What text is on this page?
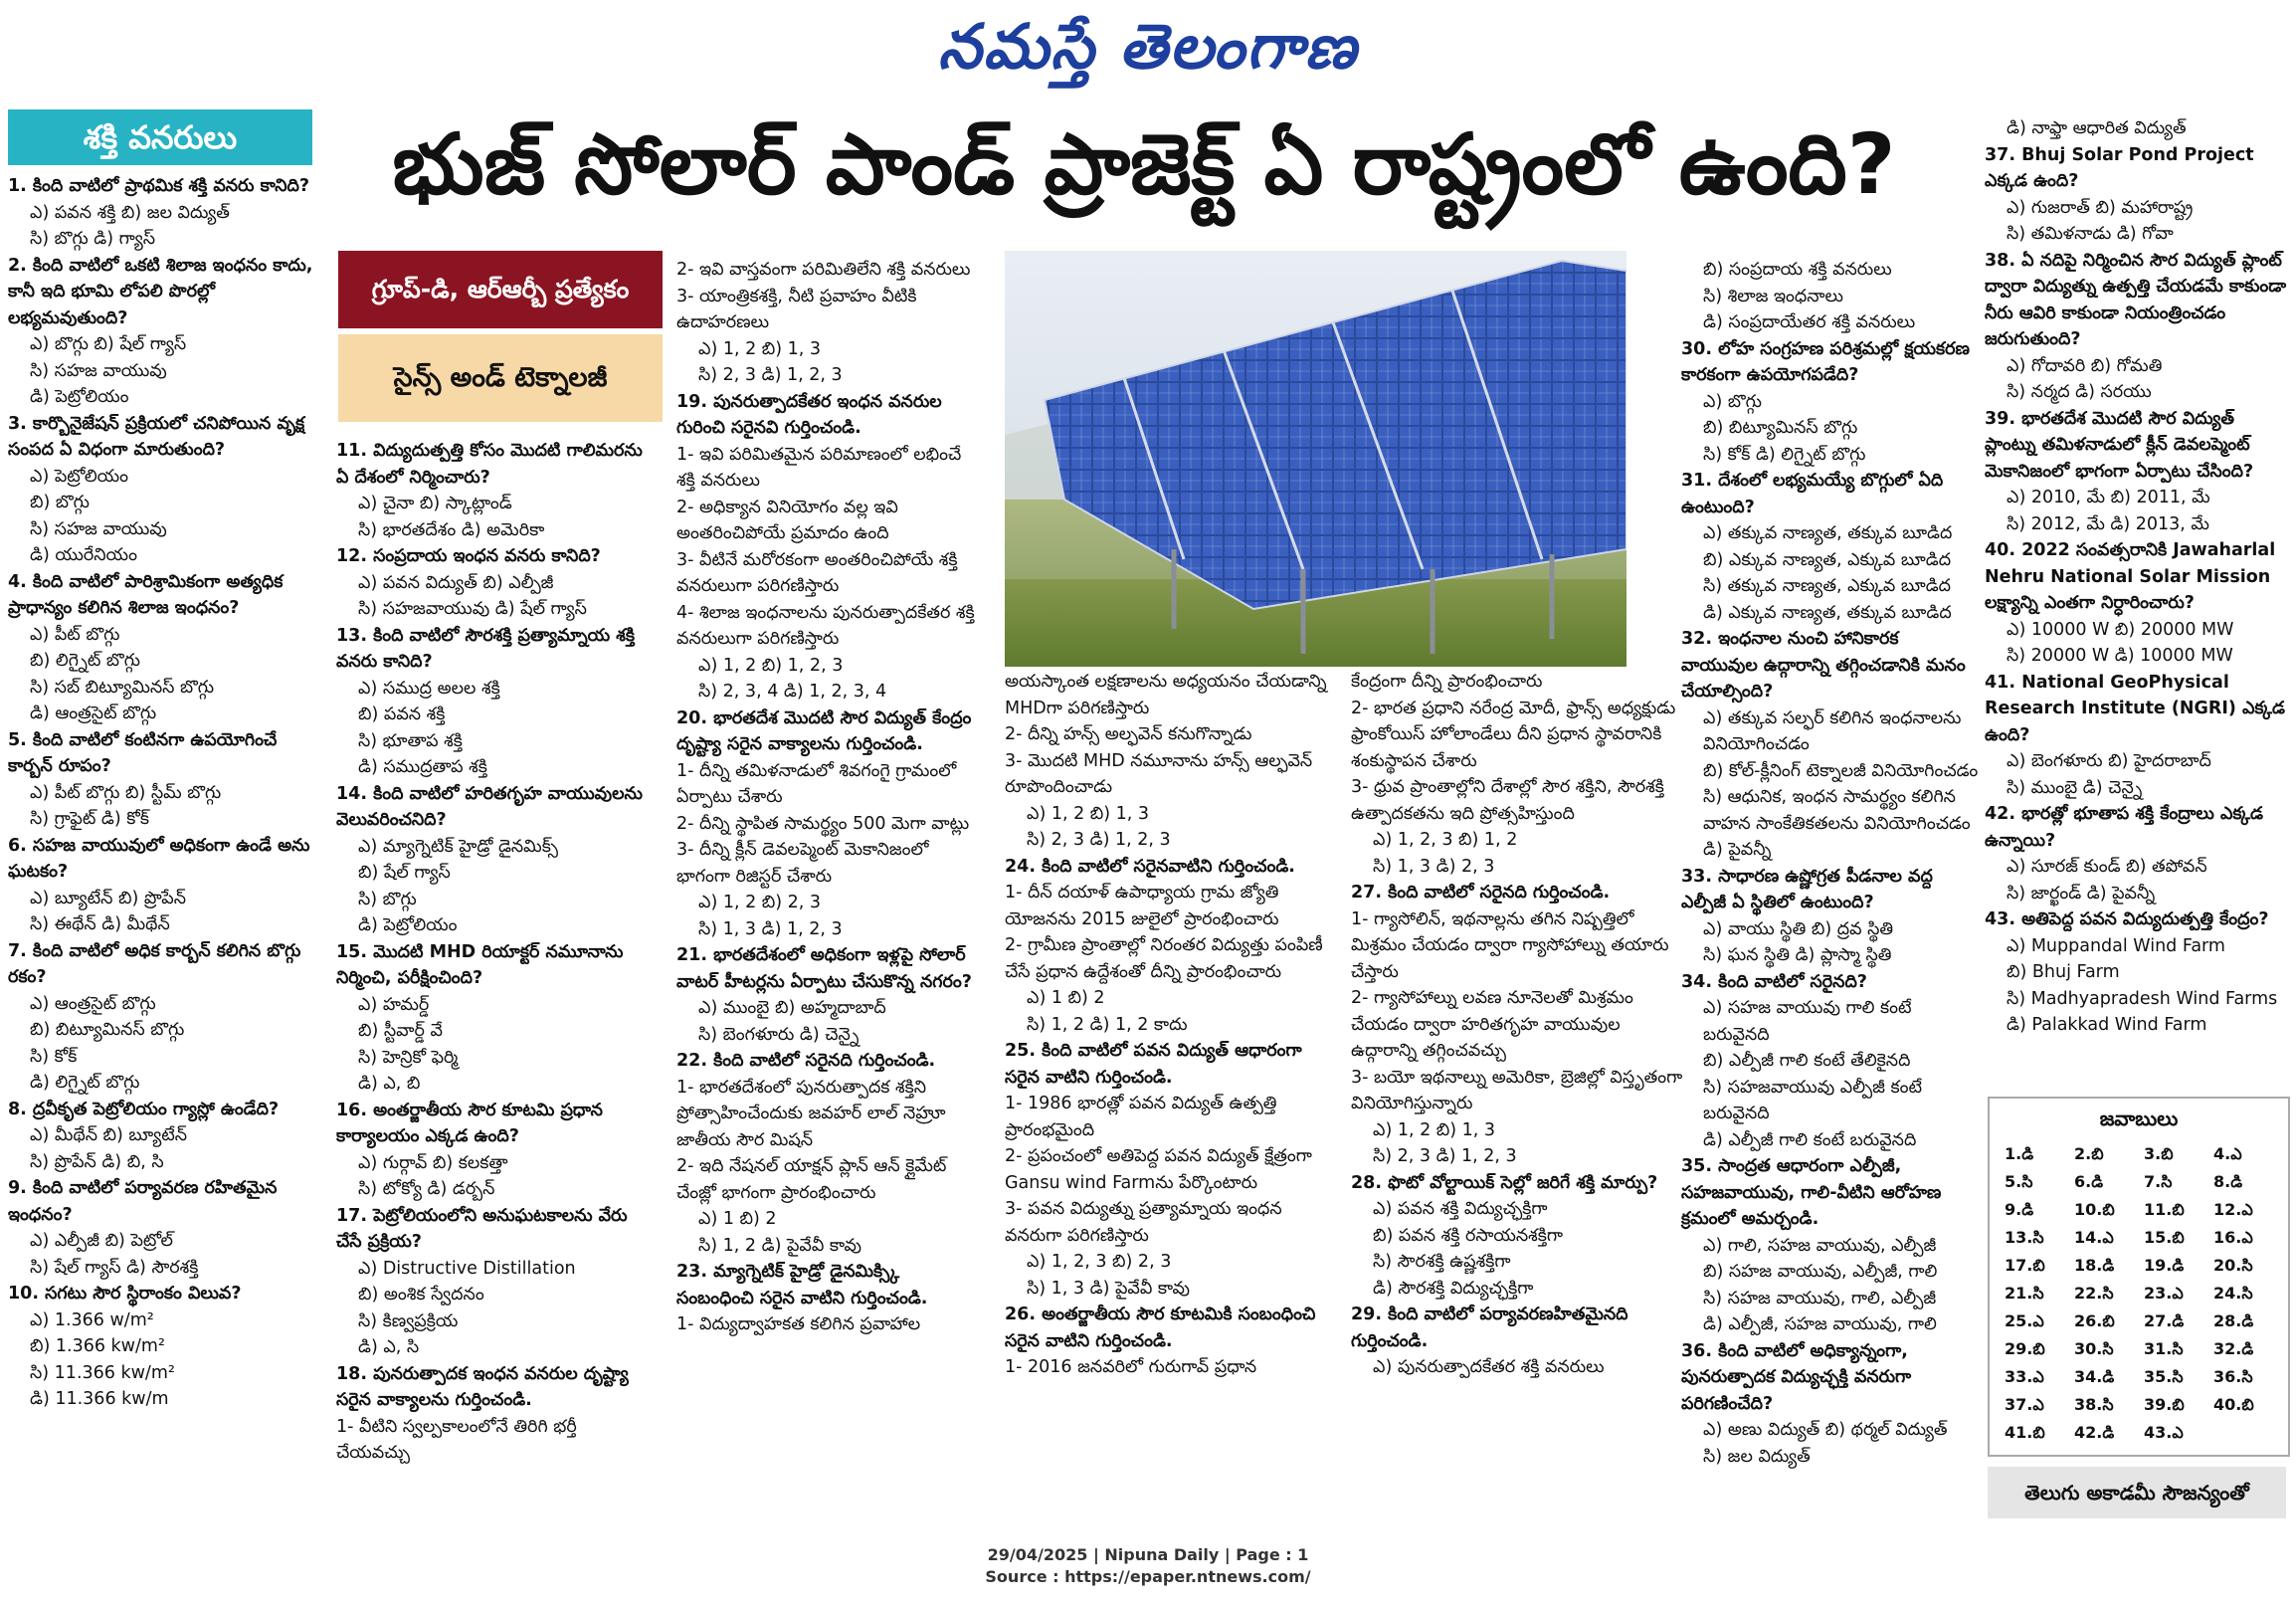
నమస్తే తెలంగాణ
శక్తి వనరులు	భుజ్ సోలార్ పాండ్ ప్రాజెక్ట్ ఏ రాష్ట్రంలో ఉంది?
గ్రూప్-డి, ఆర్ఆర్బీ ప్రత్యేకం
సైన్స్ అండ్ టెక్నాలజీ

1. కింది వాటిలో ప్రాథమిక శక్తి వనరు కానిది?

ఎ) పవన శక్తి బి) జల విద్యుత్

సి) బొగ్గు డి) గ్యాస్

2. కింది వాటిలో ఒకటి శిలాజ ఇంధనం కాదు, కానీ ఇది భూమి లోపలి పొరల్లో లభ్యమవుతుంది?

ఎ) బొగ్గు బి) షేల్ గ్యాస్

సి) సహజ వాయువు

డి) పెట్రోలియం

3. కార్బొనైజేషన్ ప్రక్రియలో చనిపోయిన వృక్ష సంపద ఏ విధంగా మారుతుంది?

ఎ) పెట్రోలియం

బి) బొగ్గు

సి) సహజ వాయువు

డి) యురేనియం

4. కింది వాటిలో పారిశ్రామికంగా అత్యధిక ప్రాధాన్యం కలిగిన శిలాజ ఇంధనం?

ఎ) పీట్ బొగ్గు

బి) లిగ్నైట్ బొగ్గు

సి) సబ్ బిట్యూమినస్ బొగ్గు

డి) ఆంత్రసైట్ బొగ్గు

5. కింది వాటిలో కంటినగా ఉపయోగించే కార్బన్ రూపం?

ఎ) పీట్ బొగ్గు బి) స్టీమ్ బొగ్గు

సి) గ్రాఫైట్ డి) కోక్

6. సహజ వాయువులో అధికంగా ఉండే అను ఘటకం?

ఎ) బ్యూటేన్ బి) ప్రొపేన్

సి) ఈథేన్ డి) మీథేన్

7. కింది వాటిలో అధిక కార్బన్ కలిగిన బొగ్గు రకం?

ఎ) ఆంత్రసైట్ బొగ్గు

బి) బిట్యూమినస్ బొగ్గు

సి) కోక్

డి) లిగ్నైట్ బొగ్గు

8. ద్రవీకృత పెట్రోలియం గ్యాస్లో ఉండేది?

ఎ) మీథేన్ బి) బ్యూటేన్

సి) ప్రొపేన్ డి) బి, సి

9. కింది వాటిలో పర్యావరణ రహితమైన ఇంధనం?

ఎ) ఎల్పీజీ బి) పెట్రోల్

సి) షేల్ గ్యాస్ డి) సౌరశక్తి

10. సగటు సౌర స్థిరాంకం విలువ?

ఎ) 1.366 w/m²

బి) 1.366 kw/m²

సి) 11.366 kw/m²

డి) 11.366 kw/m

11. విద్యుదుత్పత్తి కోసం మొదటి గాలిమరను ఏ దేశంలో నిర్మించారు?

ఎ) చైనా బి) స్కాట్లాండ్

సి) భారతదేశం డి) అమెరికా

12. సంప్రదాయ ఇంధన వనరు కానిది?

ఎ) పవన విద్యుత్ బి) ఎల్పీజీ

సి) సహజవాయువు డి) షేల్ గ్యాస్

13. కింది వాటిలో సౌరశక్తి ప్రత్యామ్నాయ శక్తి వనరు కానిది?

ఎ) సముద్ర అలల శక్తి

బి) పవన శక్తి

సి) భూతాప శక్తి

డి) సముద్రతాప శక్తి

14. కింది వాటిలో హరితగృహ వాయువులను వెలువరించనిది?

ఎ) మ్యాగ్నెటిక్ హైడ్రో డైనమిక్స్

బి) షేల్ గ్యాస్

సి) బొగ్గు

డి) పెట్రోలియం

15. మొదటి MHD రియాక్టర్ నమూనాను నిర్మించి, పరీక్షించింది?

ఎ) హమర్డ్

బి) స్టీవార్డ్ వే

సి) హెన్రికో ఫెర్మి

డి) ఎ, బి

16. అంతర్జాతీయ సౌర కూటమి ప్రధాన కార్యాలయం ఎక్కడ ఉంది?

ఎ) గుర్గావ్ బి) కలకత్తా

సి) టోక్యో డి) డర్బన్

17. పెట్రోలియంలోని అనుఘటకాలను వేరు చేసే ప్రక్రియ?

ఎ) Distructive Distillation

బి) అంశిక స్వేదనం

సి) కిణ్వప్రక్రియ

డి) ఎ, సి

18. పునరుత్పాదక ఇంధన వనరుల దృష్ట్యా సరైన వాక్యాలను గుర్తించండి.

1- వీటిని స్వల్పకాలంలోనే తిరిగి భర్తీ చేయవచ్చు

2- ఇవి వాస్తవంగా పరిమితిలేని శక్తి వనరులు

3- యాంత్రికశక్తి, నీటి ప్రవాహం వీటికి ఉదాహరణలు

ఎ) 1, 2 బి) 1, 3

సి) 2, 3 డి) 1, 2, 3

19. పునరుత్పాదకేతర ఇంధన వనరుల గురించి సరైనవి గుర్తించండి.

1- ఇవి పరిమితమైన పరిమాణంలో లభించే శక్తి వనరులు

2- అధిక్యాన వినియోగం వల్ల ఇవి అంతరించిపోయే ప్రమాదం ఉంది

3- వీటినే మరోరకంగా అంతరించిపోయే శక్తి వనరులుగా పరిగణిస్తారు

4- శిలాజ ఇంధనాలను పునరుత్పాదకేతర శక్తి వనరులుగా పరిగణిస్తారు

ఎ) 1, 2 బి) 1, 2, 3

సి) 2, 3, 4 డి) 1, 2, 3, 4

20. భారతదేశ మొదటి సౌర విద్యుత్ కేంద్రం దృష్ట్యా సరైన వాక్యాలను గుర్తించండి.

1- దీన్ని తమిళనాడులో శివగంగై గ్రామంలో ఏర్పాటు చేశారు

2- దీన్ని స్థాపిత సామర్థ్యం 500 మెగా వాట్లు

3- దీన్ని క్లీన్ డెవలప్మెంట్ మెకానిజంలో భాగంగా రిజిస్టర్ చేశారు

ఎ) 1, 2 బి) 2, 3

సి) 1, 3 డి) 1, 2, 3

21. భారతదేశంలో అధికంగా ఇళ్లపై సోలార్ వాటర్ హీటర్లను ఏర్పాటు చేసుకొన్న నగరం?

ఎ) ముంబై బి) అహ్మదాబాద్

సి) బెంగళూరు డి) చెన్నై

22. కింది వాటిలో సరైనది గుర్తించండి.

1- భారతదేశంలో పునరుత్పాదక శక్తిని ప్రోత్సాహించేందుకు జవహర్ లాల్ నెహ్రూ జాతీయ సౌర మిషన్

2- ఇది నేషనల్ యాక్షన్ ప్లాన్ ఆన్ క్లైమేట్ చేంజ్లో భాగంగా ప్రారంభించారు

ఎ) 1 బి) 2

సి) 1, 2 డి) పైవేవీ కావు

23. మ్యాగ్నెటిక్ హైడ్రో డైనమిక్స్కి సంబంధించి సరైన వాటిని గుర్తించండి.

1- విద్యుద్వాహకత కలిగిన ప్రవాహాల

అయస్కాంత లక్షణాలను అధ్యయనం చేయడాన్ని MHDగా పరిగణిస్తారు

2- దీన్ని హన్స్ అల్ఫవెన్ కనుగొన్నాడు

3- మొదటి MHD నమూనాను హన్స్ ఆల్ఫవెన్ రూపొందించాడు

ఎ) 1, 2 బి) 1, 3

సి) 2, 3 డి) 1, 2, 3

24. కింది వాటిలో సరైనవాటిని గుర్తించండి.

1- దీన్ దయాళ్ ఉపాధ్యాయ గ్రామ జ్యోతి యోజనను 2015 జులైలో ప్రారంభించారు

2- గ్రామీణ ప్రాంతాల్లో నిరంతర విద్యుత్తు పంపిణీ చేసే ప్రధాన ఉద్దేశంతో దీన్ని ప్రారంభించారు

ఎ) 1 బి) 2

సి) 1, 2 డి) 1, 2 కాదు

25. కింది వాటిలో పవన విద్యుత్ ఆధారంగా సరైన వాటిని గుర్తించండి.

1- 1986 భారత్లో పవన విద్యుత్ ఉత్పత్తి ప్రారంభమైంది

2- ప్రపంచంలో అతిపెద్ద పవన విద్యుత్ క్షేత్రంగా Gansu wind Farmను పేర్కొంటారు

3- పవన విద్యుత్ను ప్రత్యామ్నాయ ఇంధన వనరుగా పరిగణిస్తారు

ఎ) 1, 2, 3 బి) 2, 3

సి) 1, 3 డి) పైవేవీ కావు

26. అంతర్జాతీయ సౌర కూటమికి సంబంధించి సరైన వాటిని గుర్తించండి.

1- 2016 జనవరిలో గురుగావ్ ప్రధాన

కేంద్రంగా దీన్ని ప్రారంభించారు

2- భారత ప్రధాని నరేంద్ర మోదీ, ఫ్రాన్స్ అధ్యక్షుడు ఫ్రాంకోయిస్ హోలాండేలు దీని ప్రధాన స్థావరానికి శంకుస్థాపన చేశారు

3- ధ్రువ ప్రాంతాల్లోని దేశాల్లో సౌర శక్తిని, సౌరశక్తి ఉత్పాదకతను ఇది ప్రోత్సహిస్తుంది

ఎ) 1, 2, 3 బి) 1, 2

సి) 1, 3 డి) 2, 3

27. కింది వాటిలో సరైనది గుర్తించండి.

1- గ్యాసోలిన్, ఇథనాల్లను తగిన నిష్పత్తిలో మిశ్రమం చేయడం ద్వారా గ్యాసోహాల్ను తయారు చేస్తారు

2- గ్యాసోహాల్ను లవణ నూనెలతో మిశ్రమం చేయడం ద్వారా హరితగృహ వాయువుల ఉద్గారాన్ని తగ్గించవచ్చు

3- బయో ఇథనాల్ను అమెరికా, బ్రెజిల్లో విస్తృతంగా వినియోగిస్తున్నారు

ఎ) 1, 2 బి) 1, 3

సి) 2, 3 డి) 1, 2, 3

28. ఫొటో వోల్టాయిక్ సెల్లో జరిగే శక్తి మార్పు?

ఎ) పవన శక్తి విద్యుచ్ఛక్తిగా

బి) పవన శక్తి రసాయనశక్తిగా

సి) సౌరశక్తి ఉష్ణశక్తిగా

డి) సౌరశక్తి విద్యుచ్ఛక్తిగా

29. కింది వాటిలో పర్యావరణహితమైనది గుర్తించండి.

ఎ) పునరుత్పాదకేతర శక్తి వనరులు

బి) సంప్రదాయ శక్తి వనరులు

సి) శిలాజ ఇంధనాలు

డి) సంప్రదాయేతర శక్తి వనరులు

30. లోహ సంగ్రహణ పరిశ్రమల్లో క్షయకరణ కారకంగా ఉపయోగపడేది?

ఎ) బొగ్గు

బి) బిట్యూమినస్ బొగ్గు

సి) కోక్ డి) లిగ్నైట్ బొగ్గు

31. దేశంలో లభ్యమయ్యే బొగ్గులో ఏది ఉంటుంది?

ఎ) తక్కువ నాణ్యత, తక్కువ బూడిద

బి) ఎక్కువ నాణ్యత, ఎక్కువ బూడిద

సి) తక్కువ నాణ్యత, ఎక్కువ బూడిద

డి) ఎక్కువ నాణ్యత, తక్కువ బూడిద

32. ఇంధనాల నుంచి హానికారక వాయువుల ఉద్గారాన్ని తగ్గించడానికి మనం చేయాల్సింది?

ఎ) తక్కువ సల్ఫర్ కలిగిన ఇంధనాలను వినియోగించడం

బి) కోల్-క్లీనింగ్ టెక్నాలజీ వినియోగించడం

సి) ఆధునిక, ఇంధన సామర్థ్యం కలిగిన వాహన సాంకేతికతలను వినియోగించడం

డి) పైవన్నీ

33. సాధారణ ఉష్ణోగ్రత పీడనాల వద్ద ఎల్పీజీ ఏ స్థితిలో ఉంటుంది?

ఎ) వాయు స్థితి బి) ద్రవ స్థితి

సి) ఘన స్థితి డి) ప్లాస్మా స్థితి

34. కింది వాటిలో సరైనది?

ఎ) సహజ వాయువు గాలి కంటే బరువైనది

బి) ఎల్పీజీ గాలి కంటే తేలికైనది

సి) సహజవాయువు ఎల్పీజీ కంటే బరువైనది

డి) ఎల్పీజీ గాలి కంటే బరువైనది

35. సాంద్రత ఆధారంగా ఎల్పీజీ, సహజవాయువు, గాలి-వీటిని ఆరోహణ క్రమంలో అమర్చండి.

ఎ) గాలి, సహజ వాయువు, ఎల్పీజీ

బి) సహజ వాయువు, ఎల్పీజీ, గాలి

సి) సహజ వాయువు, గాలి, ఎల్పీజీ

డి) ఎల్పీజీ, సహజ వాయువు, గాలి

36. కింది వాటిలో అధిక్యాన్నంగా, పునరుత్పాదక విద్యుచ్ఛక్తి వనరుగా పరిగణించేది?

ఎ) అణు విద్యుత్ బి) థర్మల్ విద్యుత్

సి) జల విద్యుత్

డి) నాఫ్తా ఆధారిత విద్యుత్

37. Bhuj Solar Pond Project ఎక్కడ ఉంది?

ఎ) గుజరాత్ బి) మహారాష్ట్ర

సి) తమిళనాడు డి) గోవా

38. ఏ నదిపై నిర్మించిన సౌర విద్యుత్ ప్లాంట్ ద్వారా విద్యుత్ను ఉత్పత్తి చేయడమే కాకుండా నీరు ఆవిరి కాకుండా నియంత్రించడం జరుగుతుంది?

ఎ) గోదావరి బి) గోమతి

సి) నర్మద డి) సరయు

39. భారతదేశ మొదటి సౌర విద్యుత్ ప్లాంట్ను తమిళనాడులో క్లీన్ డెవలప్మెంట్ మెకానిజంలో భాగంగా ఏర్పాటు చేసింది?

ఎ) 2010, మే బి) 2011, మే

సి) 2012, మే డి) 2013, మే

40. 2022 సంవత్సరానికి Jawaharlal Nehru National Solar Mission లక్ష్యాన్ని ఎంతగా నిర్ధారించారు?

ఎ) 10000 W బి) 20000 MW

సి) 20000 W డి) 10000 MW

41. National GeoPhysical Research Institute (NGRI) ఎక్కడ ఉంది?

ఎ) బెంగళూరు బి) హైదరాబాద్

సి) ముంబై డి) చెన్నై

42. భారత్లో భూతాప శక్తి కేంద్రాలు ఎక్కడ ఉన్నాయి?

ఎ) సూరజ్ కుండ్ బి) తపోవన్

సి) జార్ఖండ్ డి) పైవన్నీ

43. అతిపెద్ద పవన విద్యుదుత్పత్తి కేంద్రం?

ఎ) Muppandal Wind Farm

బి) Bhuj Farm

సి) Madhyapradesh Wind Farms

డి) Palakkad Wind Farm

జవాబులు
1.డి	2.బి	3.బి	4.ఎ
5.సి	6.డి	7.సి	8.డి
9.డి	10.బి	11.బి	12.ఎ
13.సి	14.ఎ	15.బి	16.ఎ
17.బి	18.డి	19.డి	20.సి
21.సి	22.సి	23.ఎ	24.సి
25.ఎ	26.బి	27.డి	28.డి
29.బి	30.సి	31.సి	32.డి
33.ఎ	34.డి	35.సి	36.సి
37.ఎ	38.సి	39.బి	40.బి
41.బి	42.డి	43.ఎ	
తెలుగు అకాడమీ సౌజన్యంతో
29/04/2025 | Nipuna Daily | Page : 1
Source : https://epaper.ntnews.com/
